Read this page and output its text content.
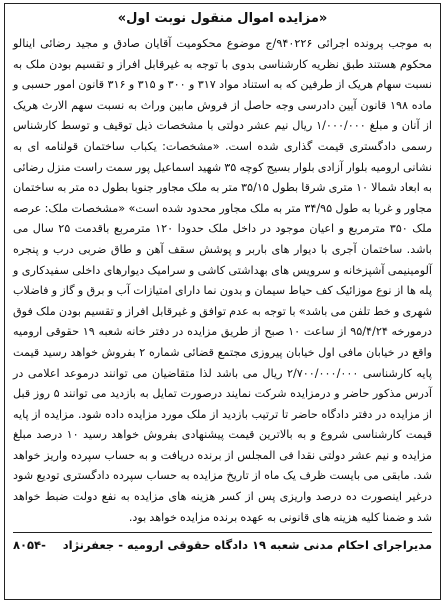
«مزایده اموال منقول نوبت اول»

به موجب پرونده اجرائی ۹۴۰۲۲۶/ج موضوع محکومیت آقایان صادق و مجید رضائی اینالو محکوم هستند طبق نظریه کارشناسی بدوی با توجه به غیرقابل افراز و تقسیم بودن ملک به نسبت سهام هریک از طرفین که به استناد مواد ۳۱۷ و ۳۰۰ و ۳۱۵ و ۳۱۶ قانون امور حسبی و ماده ۱۹۸ قانون آیین دادرسی وجه حاصل از فروش مابین وراث به نسبت سهم الارث هریک از آنان و مبلغ ۱/۰۰۰/۰۰۰ ریال نیم عشر دولتی با مشخصات ذیل توقیف و توسط کارشناس رسمی دادگستری قیمت گذاری شده است. «مشخصات: یکباب ساختمان قولنامه ای به نشانی ارومیه بلوار آزادی بلوار بسیج کوچه ۳۵ شهید اسماعیل پور سمت راست منزل رضائی به ابعاد شمالا ۱۰ متری شرقا بطول ۳۵/۱۵ متر به ملک مجاور جنوبا بطول ده متر به ساختمان مجاور و غربا به طول ۳۴/۹۵ متر به ملک مجاور محدود شده است» «مشخصات ملک: عرصه ملک ۳۵۰ مترمربع و اعیان موجود در داخل ملک حدودا ۱۲۰ مترمربع باقدمت ۲۵ سال می باشد. ساختمان آجری با دیوار های باربر و پوشش سقف آهن و طاق ضربی درب و پنجره آلومینیمی آشپزخانه و سرویس های بهداشتی کاشی و سرامیک دیوارهای داخلی سفیدکاری و پله ها از نوع موزائیک کف حیاط سیمان و بدون نما دارای امتیازات آب و برق و گاز و فاضلاب شهری و خط تلفن می باشد» با توجه به عدم توافق و غیرقابل افراز و تقسیم بودن ملک فوق درمورخه ۹۵/۴/۲۴ از ساعت ۱۰ صبح از طریق مزایده در دفتر خانه شعبه ۱۹ حقوقی ارومیه واقع در خیابان مافی اول خیابان پیروزی مجتمع قضائی شماره ۲ بفروش خواهد رسید قیمت پایه کارشناسی ۲/۷۰۰/۰۰۰/۰۰۰ ریال می باشد لذا متقاضیان می توانند درموعد اعلامی در آدرس مذکور حاضر و درمزایده شرکت نمایند درصورت تمایل به بازدید می توانند ۵ روز قبل از مزایده در دفتر دادگاه حاضر تا ترتیب بازدید از ملک مورد مزایده داده شود. مزایده از پایه قیمت کارشناسی شروع و به بالاترین قیمت پیشنهادی بفروش خواهد رسید ۱۰ درصد مبلغ مزایده و نیم عشر دولتی نقدا فی المجلس از برنده دریافت و به حساب سپرده واریز خواهد شد. مابقی می بایست ظرف یک ماه از تاریخ مزایده به حساب سپرده دادگستری تودیع شود درغیر اینصورت ده درصد واریزی پس از کسر هزینه های مزایده به نفع دولت ضبط خواهد شد و ضمنا کلیه هزینه های قانونی به عهده برنده مزایده خواهد بود.

مدیراجرای احکام مدنی شعبه ۱۹ دادگاه حقوقی ارومیه - جعفرنژاد
۸۰۵۴-
